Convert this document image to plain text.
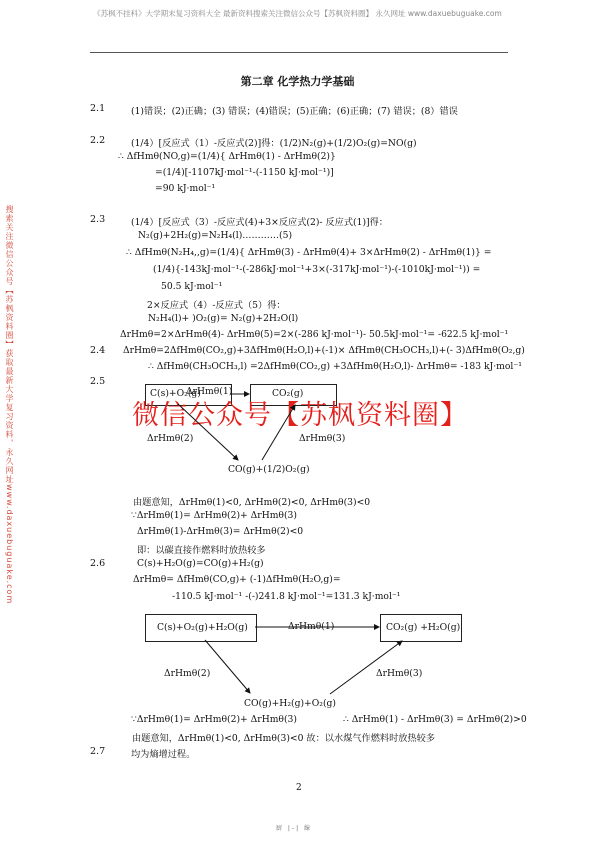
《苏枫不挂科》大学期末复习资料大全 最新资料搜索关注微信公众号【苏枫资料圈】 永久网址 www.daxuebuguake.com
第二章 化学热力学基础
2.1	(1)错误；(2)正确；(3) 错误；(4)错误；(5)正确；(6)正确；(7) 错误；(8）错误
2.2	(1/4）[反应式（1）-反应式(2)]得：(1/2)N₂(g)+(1/2)O₂(g)=NO(g)
∴ ΔfHmθ(NO,g)=(1/4){ ΔrHmθ(1) - ΔrHmθ(2)}
=(1/4)[-1107kJ·mol⁻¹-(-1150 kJ·mol⁻¹)]
=90 kJ·mol⁻¹
2.3	(1/4）[反应式（3）-反应式(4)+3×反应式(2)- 反应式(1)]得：
N₂(g)+2H₂(g)=N₂H₄(l)…………(5)
∴ ΔfHmθ(N₂H₄,,g)=(1/4){ ΔrHmθ(3) - ΔrHmθ(4)+ 3×ΔrHmθ(2) - ΔrHmθ(1)} =
(1/4){-143kJ·mol⁻¹-(-286kJ·mol⁻¹+3×(-317kJ·mol⁻¹)-(-1010kJ·mol⁻¹)) =
50.5 kJ·mol⁻¹
2×反应式（4）-反应式（5）得：
N₂H₄(l)+ )O₂(g)= N₂(g)+2H₂O(l)
ΔrHmθ=2×ΔrHmθ(4)- ΔrHmθ(5)=2×(-286 kJ·mol⁻¹)- 50.5kJ·mol⁻¹= -622.5 kJ·mol⁻¹
2.4 ΔrHmθ=2ΔfHmθ(CO₂,g)+3ΔfHmθ(H₂O,l)+(-1)× ΔfHmθ(CH₃OCH₃,l)+(- 3)ΔfHmθ(O₂,g)
∴ ΔfHmθ(CH₃OCH₃,l) =2ΔfHmθ(CO₂,g) +3ΔfHmθ(H₂O,l)- ΔrHmθ= -183 kJ·mol⁻¹
2.5
C(s)+O₂(g)	CO₂(g)
ΔrHmθ(1)
ΔrHmθ(2)	ΔrHmθ(3)
CO(g)+(1/2)O₂(g)
微信公众号【苏枫资料圈】
由题意知，ΔrHmθ(1)<0, ΔrHmθ(2)<0, ΔrHmθ(3)<0
∵ΔrHmθ(1)= ΔrHmθ(2)+ ΔrHmθ(3)
ΔrHmθ(1)-ΔrHmθ(3)= ΔrHmθ(2)<0
即：以碳直接作燃料时放热较多
2.6	C(s)+H₂O(g)=CO(g)+H₂(g)
ΔrHmθ= ΔfHmθ(CO,g)+ (-1)ΔfHmθ(H₂O,g)=
-110.5 kJ·mol⁻¹ -(-)241.8 kJ·mol⁻¹=131.3 kJ·mol⁻¹
C(s)+O₂(g)+H₂O(g)	CO₂(g) +H₂O(g)
ΔrHmθ(1)
ΔrHmθ(2)	ΔrHmθ(3)
CO(g)+H₂(g)+O₂(g)
∵ΔrHmθ(1)= ΔrHmθ(2)+ ΔrHmθ(3)	∴ ΔrHmθ(1) - ΔrHmθ(3) = ΔrHmθ(2)>0
由题意知，ΔrHmθ(1)<0, ΔrHmθ(3)<0 故：以水煤气作燃料时放热较多
2.7	均为熵增过程。
2
厨 |-| 線
搜索关注微信公众号【苏枫资料圈】获取最新大学复习资料，永久网址www.daxuebuguake.com
